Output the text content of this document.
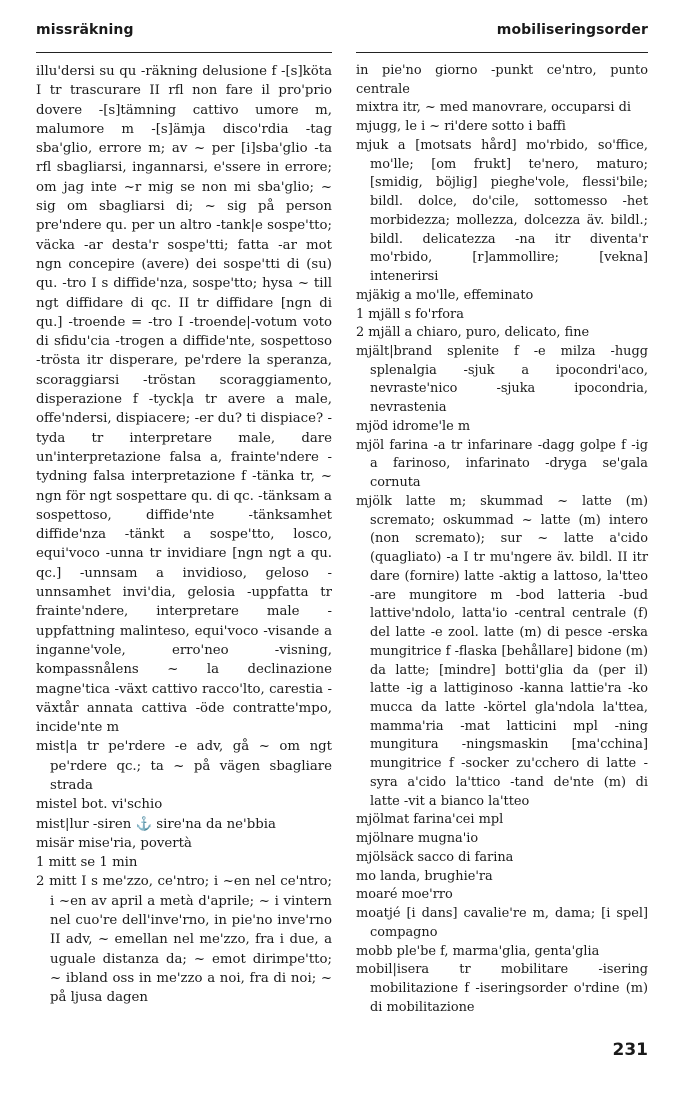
missräkning	mobiliseringsorder

illu'dersi su qu -räkning delusione f -[s]köta I tr trascurare II rfl non fare il pro'prio dovere -[s]tämning cattivo umore m, malumore m -[s]ämja disco'rdia -tag sba'glio, errore m; av ~ per [i]sba'glio -ta rfl sbagliarsi, ingannarsi, e'ssere in errore; om jag inte ~r mig se non mi sba'glio; ~ sig om sbagliarsi di; ~ sig på person pre'ndere qu. per un altro -tank|e sospe'tto; väcka -ar desta'r sospe'tti; fatta -ar mot ngn concepire (avere) dei sospe'tti di (su) qu. -tro I s diffide'nza, sospe'tto; hysa ~ till ngt diffidare di qc. II tr diffidare [ngn di qu.] -troende = -tro I -troende|-votum voto di sfidu'cia -trogen a diffide'nte, sospettoso -trösta itr disperare, pe'rdere la speranza, scoraggiarsi -tröstan scoraggiamento, disperazione f -tyck|a tr avere a male, offe'ndersi, dispiacere; -er du? ti dispiace? -tyda tr interpretare male, dare un'interpretazione falsa a, frainte'ndere -tydning falsa interpretazione f -tänka tr, ~ ngn för ngt sospettare qu. di qc. -tänksam a sospettoso, diffide'nte -tänksamhet diffide'nza -tänkt a sospe'tto, losco, equi'voco -unna tr invidiare [ngn ngt a qu. qc.] -unnsam a invidioso, geloso -unnsamhet invi'dia, gelosia -uppfatta tr frainte'ndere, interpretare male -uppfattning malinteso, equi'voco -visande a inganne'vole, erro'neo -visning, kompassnålens ~ la declinazione magne'tica -växt cattivo racco'lto, carestia -växtår annata cattiva -öde contratte'mpo, incide'nte m

mist|a tr pe'rdere -e adv, gå ~ om ngt pe'rdere qc.; ta ~ på vägen sbagliare strada

mistel bot. vi'schio

mist|lur -siren ⚓ sire'na da ne'bbia

misär mise'ria, povertà

1 mitt se 1 min

2 mitt I s me'zzo, ce'ntro; i ~en nel ce'ntro; i ~en av april a metà d'aprile; ~ i vintern nel cuo're dell'inve'rno, in pie'no inve'rno II adv, ~ emellan nel me'zzo, fra i due, a uguale distanza da; ~ emot dirimpe'tto; ~ ibland oss in me'zzo a noi, fra di noi; ~ på ljusa dagen

in pie'no giorno -punkt ce'ntro, punto centrale

mixtra itr, ~ med manovrare, occuparsi di

mjugg, le i ~ ri'dere sotto i baffi

mjuk a [motsats hård] mo'rbido, so'ffice, mo'lle; [om frukt] te'nero, maturo; [smidig, böjlig] pieghe'vole, flessi'bile; bildl. dolce, do'cile, sottomesso -het morbidezza; mollezza, dolcezza äv. bildl.; bildl. delicatezza -na itr diventa'r mo'rbido, [r]ammollire; [vekna] intenerirsi

mjäkig a mo'lle, effeminato

1 mjäll s fo'rfora

2 mjäll a chiaro, puro, delicato, fine

mjält|brand splenite f -e milza -hugg splenalgia -sjuk a ipocondri'aco, nevraste'nico -sjuka ipocondria, nevrastenia

mjöd idrome'le m

mjöl farina -a tr infarinare -dagg golpe f -ig a farinoso, infarinato -dryga se'gala cornuta

mjölk latte m; skummad ~ latte (m) scremato; oskummad ~ latte (m) intero (non scremato); sur ~ latte a'cido (quagliato) -a I tr mu'ngere äv. bildl. II itr dare (fornire) latte -aktig a lattoso, la'tteo -are mungitore m -bod latteria -bud lattive'ndolo, latta'io -central centrale (f) del latte -e zool. latte (m) di pesce -erska mungitrice f -flaska [behållare] bidone (m) da latte; [mindre] botti'glia da (per il) latte -ig a lattiginoso -kanna lattie'ra -ko mucca da latte -körtel gla'ndola la'ttea, mamma'ria -mat latticini mpl -ning mungitura -ningsmaskin [ma'cchina] mungitrice f -socker zu'cchero di latte -syra a'cido la'ttico -tand de'nte (m) di latte -vit a bianco la'tteo

mjölmat farina'cei mpl

mjölnare mugna'io

mjölsäck sacco di farina

mo landa, brughie'ra

moaré moe'rro

moatjé [i dans] cavalie're m, dama; [i spel] compagno

mobb ple'be f, marma'glia, genta'glia

mobil|isera tr mobilitare -isering mobilitazione f -iseringsorder o'rdine (m) di mobilitazione

231
